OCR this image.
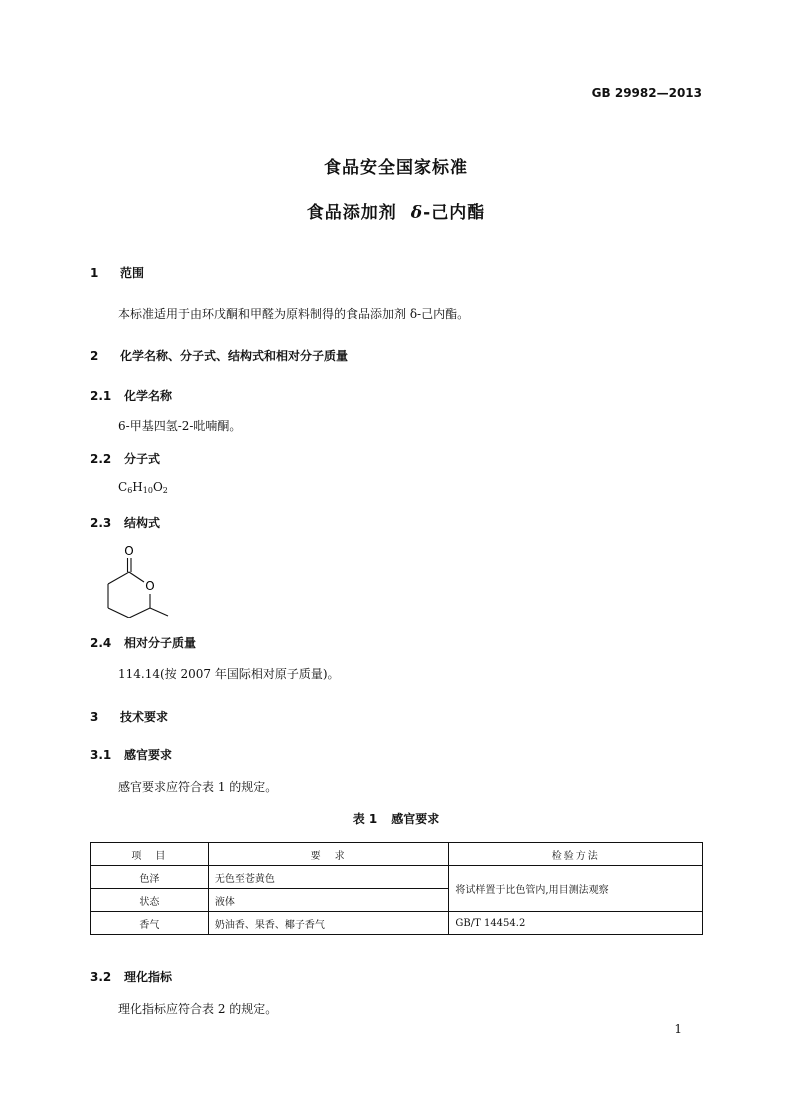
GB 29982—2013
食品安全国家标准
食品添加剂 δ-己内酯
1 范围
本标准适用于由环戊酮和甲醛为原料制得的食品添加剂 δ-己内酯。
2 化学名称、分子式、结构式和相对分子质量
2.1 化学名称
6-甲基四氢-2-吡喃酮。
2.2 分子式
$C_6H_{10}O_2$
2.3 结构式
O
O
2.4 相对分子质量
114.14(按 2007 年国际相对原子质量)。
3 技术要求
3.1 感官要求
感官要求应符合表 1 的规定。
表 1 感官要求
项　目	要　求	检验方法
色泽	无色至苍黄色	将试样置于比色管内,用目测法观察
状态	液体	
香气	奶油香、果香、椰子香气	GB/T 14454.2
3.2 理化指标
理化指标应符合表 2 的规定。
1
